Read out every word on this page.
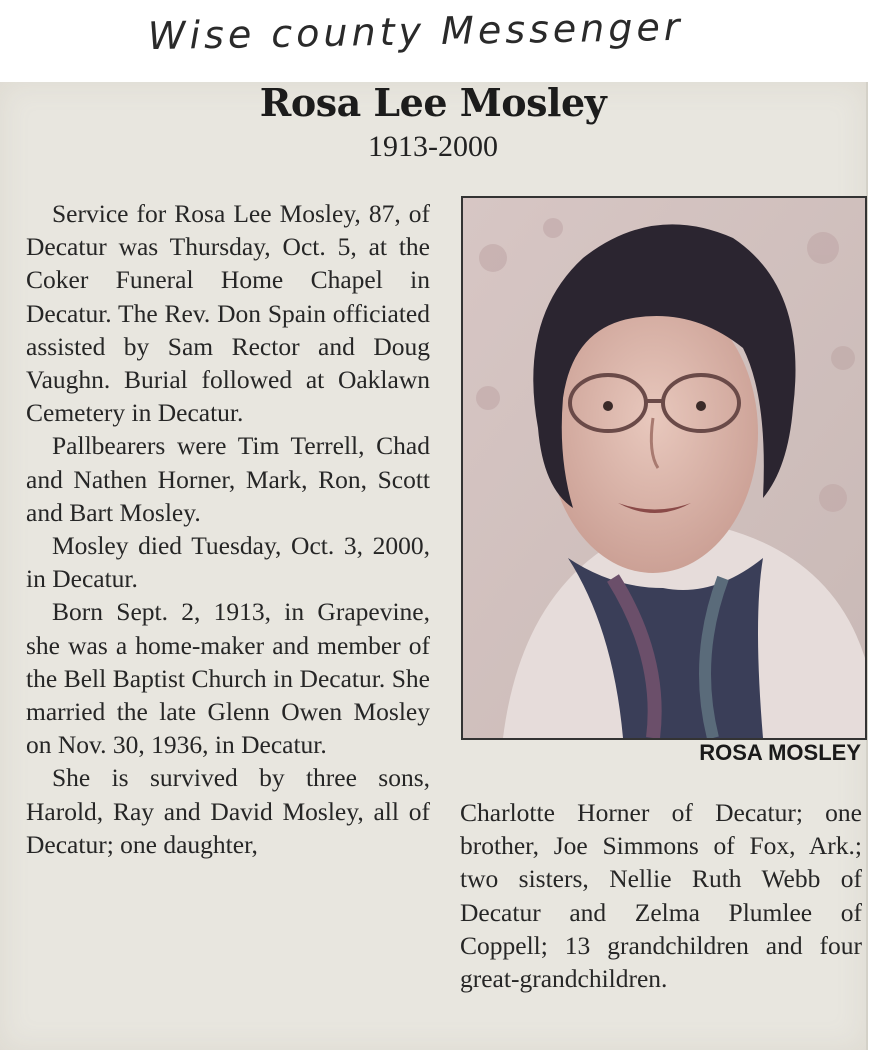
Wise county Messenger
Rosa Lee Mosley
1913-2000

Service for Rosa Lee Mosley, 87, of Decatur was Thursday, Oct. 5, at the Coker Funeral Home Chapel in Decatur. The Rev. Don Spain officiated assisted by Sam Rector and Doug Vaughn. Burial followed at Oaklawn Cemetery in Decatur.

Pallbearers were Tim Terrell, Chad and Nathen Horner, Mark, Ron, Scott and Bart Mosley.

Mosley died Tuesday, Oct. 3, 2000, in Decatur.

Born Sept. 2, 1913, in Grapevine, she was a home-maker and member of the Bell Baptist Church in Decatur. She married the late Glenn Owen Mosley on Nov. 30, 1936, in Decatur.

She is survived by three sons, Harold, Ray and David Mosley, all of Decatur; one daughter,

ROSA MOSLEY

Charlotte Horner of Decatur; one brother, Joe Simmons of Fox, Ark.; two sisters, Nellie Ruth Webb of Decatur and Zelma Plumlee of Coppell; 13 grandchildren and four great-grandchildren.
